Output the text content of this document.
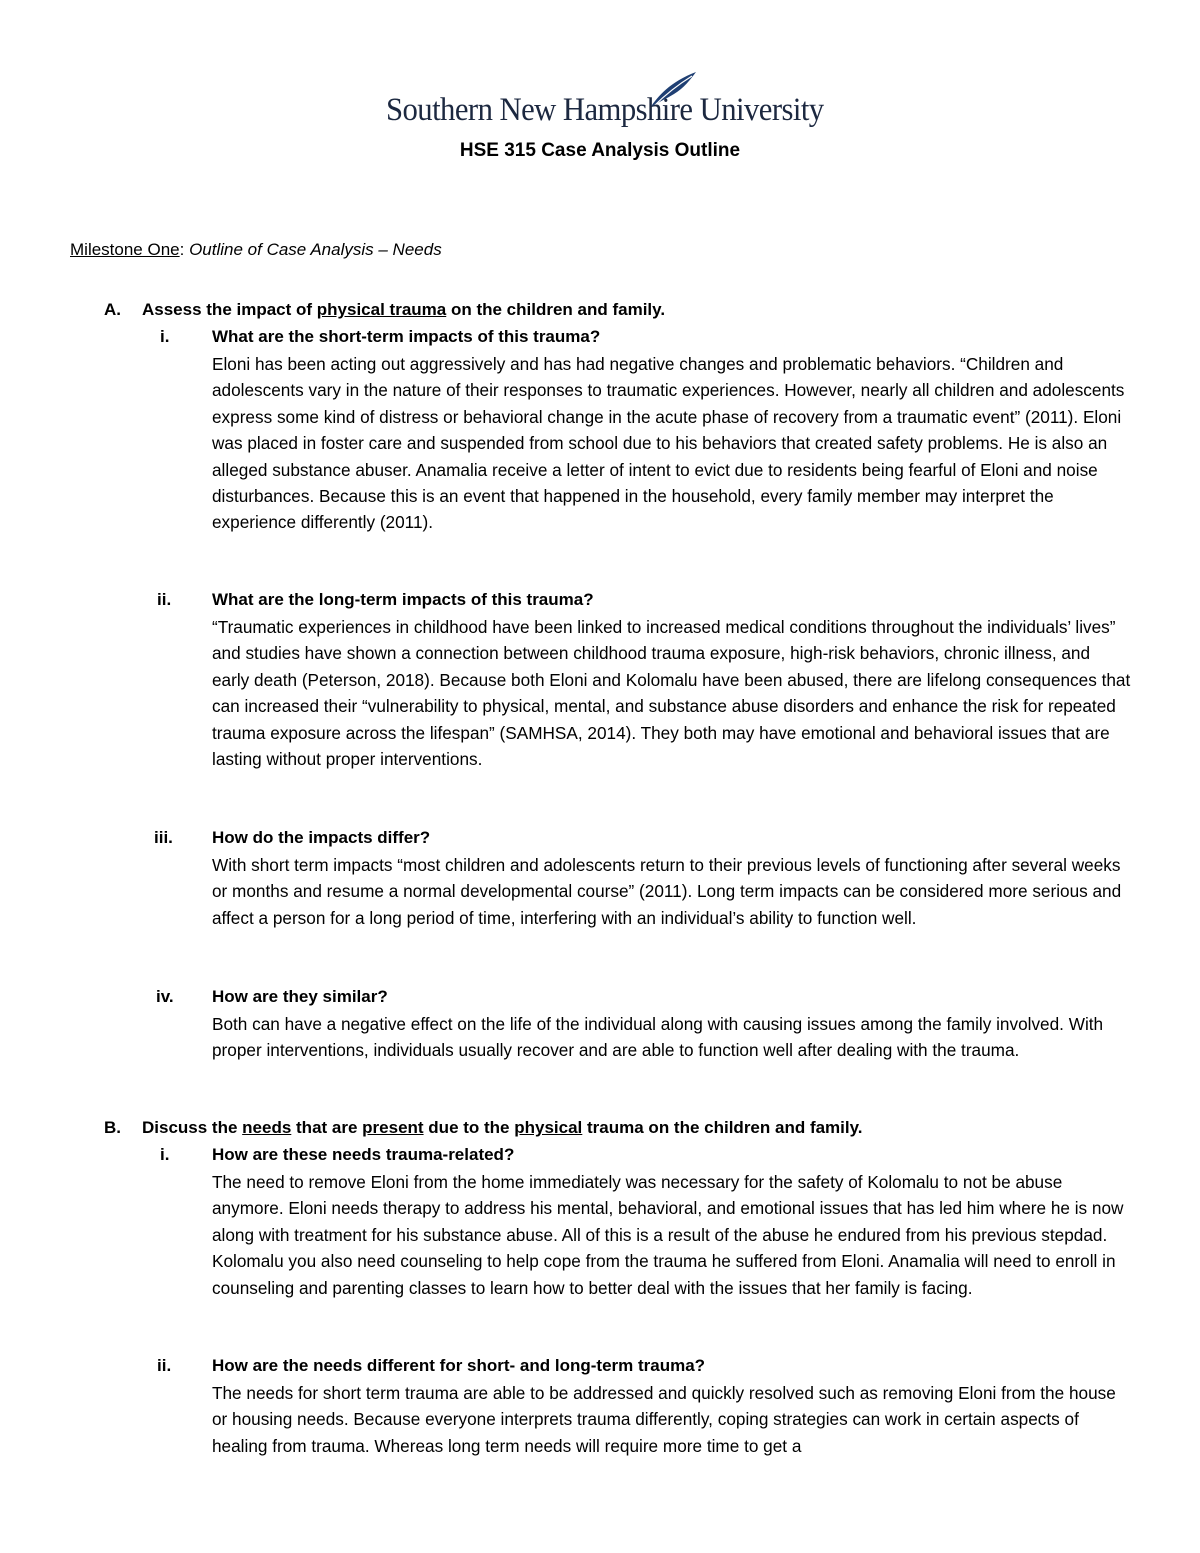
Southern New Hampshire University
HSE 315 Case Analysis Outline
Milestone One: Outline of Case Analysis – Needs
A. Assess the impact of physical trauma on the children and family.
i.	What are the short-term impacts of this trauma?
Eloni has been acting out aggressively and has had negative changes and problematic behaviors. “Children and adolescents vary in the nature of their responses to traumatic experiences. However, nearly all children and adolescents express some kind of distress or behavioral change in the acute phase of recovery from a traumatic event” (2011). Eloni was placed in foster care and suspended from school due to his behaviors that created safety problems. He is also an alleged substance abuser. Anamalia receive a letter of intent to evict due to residents being fearful of Eloni and noise disturbances. Because this is an event that happened in the household, every family member may interpret the experience differently (2011).
ii. What are the long-term impacts of this trauma?
“Traumatic experiences in childhood have been linked to increased medical conditions throughout the individuals’ lives” and studies have shown a connection between childhood trauma exposure, high-risk behaviors, chronic illness, and early death (Peterson, 2018). Because both Eloni and Kolomalu have been abused, there are lifelong consequences that can increased their “vulnerability to physical, mental, and substance abuse disorders and enhance the risk for repeated trauma exposure across the lifespan” (SAMHSA, 2014). They both may have emotional and behavioral issues that are lasting without proper interventions.
iii. How do the impacts differ?
With short term impacts “most children and adolescents return to their previous levels of functioning after several weeks or months and resume a normal developmental course” (2011). Long term impacts can be considered more serious and affect a person for a long period of time, interfering with an individual’s ability to function well.
iv. How are they similar?
Both can have a negative effect on the life of the individual along with causing issues among the family involved. With proper interventions, individuals usually recover and are able to function well after dealing with the trauma.
B. Discuss the needs that are present due to the physical trauma on the children and family.
i.	How are these needs trauma-related?
The need to remove Eloni from the home immediately was necessary for the safety of Kolomalu to not be abuse anymore. Eloni needs therapy to address his mental, behavioral, and emotional issues that has led him where he is now along with treatment for his substance abuse. All of this is a result of the abuse he endured from his previous stepdad. Kolomalu you also need counseling to help cope from the trauma he suffered from Eloni. Anamalia will need to enroll in counseling and parenting classes to learn how to better deal with the issues that her family is facing.
ii. How are the needs different for short- and long-term trauma?
The needs for short term trauma are able to be addressed and quickly resolved such as removing Eloni from the house or housing needs. Because everyone interprets trauma differently, coping strategies can work in certain aspects of healing from trauma. Whereas long term needs will require more time to get a
